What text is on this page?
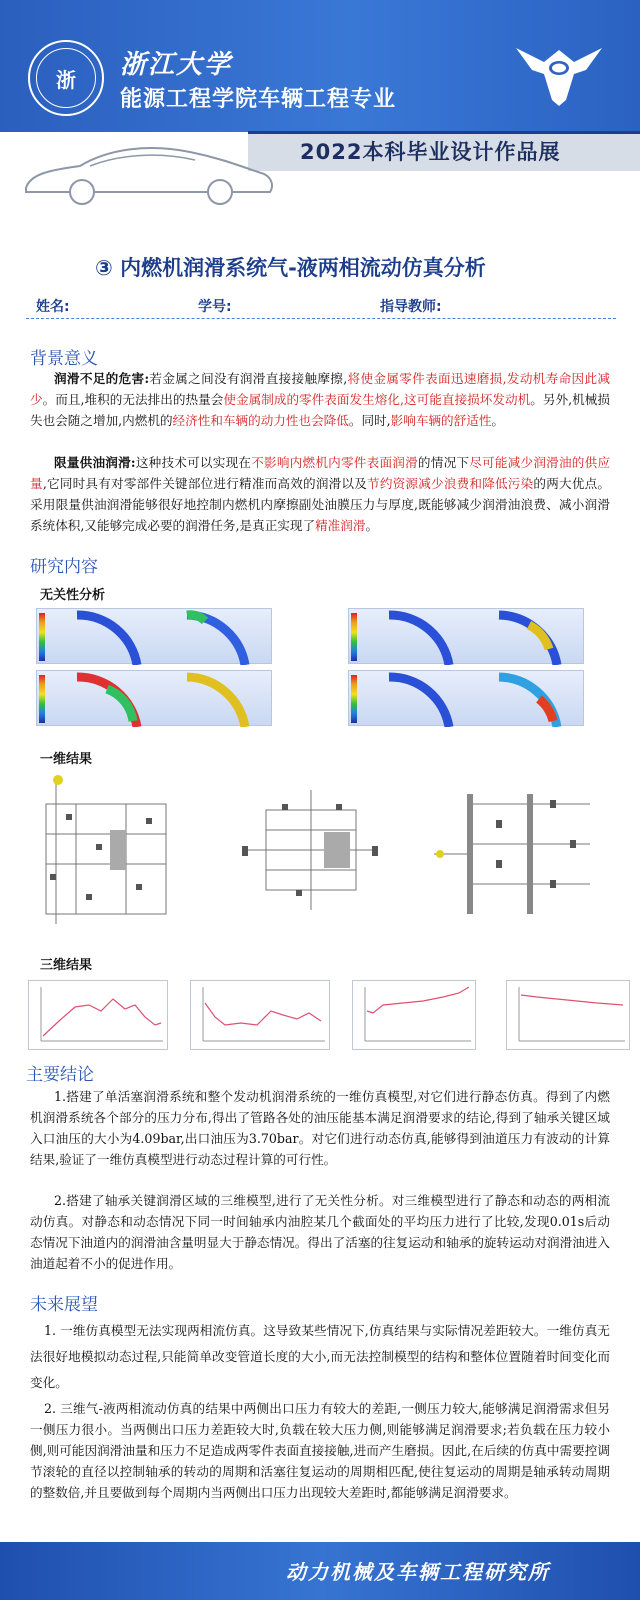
浙	浙江大学
能源工程学院车辆工程专业
2022本科毕业设计作品展
③ 内燃机润滑系统气-液两相流动仿真分析
姓名:	学号:	指导教师:
背景意义
润滑不足的危害:若金属之间没有润滑直接接触摩擦,将使金属零件表面迅速磨损,发动机寿命因此减少。而且,堆积的无法排出的热量会使金属制成的零件表面发生熔化,这可能直接损坏发动机。另外,机械损失也会随之增加,内燃机的经济性和车辆的动力性也会降低。同时,影响车辆的舒适性。
限量供油润滑:这种技术可以实现在不影响内燃机内零件表面润滑的情况下尽可能减少润滑油的供应量,它同时具有对零部件关键部位进行精准而高效的润滑以及节约资源减少浪费和降低污染的两大优点。采用限量供油润滑能够很好地控制内燃机内摩擦副处油膜压力与厚度,既能够减少润滑油浪费、减小润滑系统体积,又能够完成必要的润滑任务,是真正实现了精准润滑。
研究内容
无关性分析
一维结果
三维结果
主要结论
1.搭建了单活塞润滑系统和整个发动机润滑系统的一维仿真模型,对它们进行静态仿真。得到了内燃机润滑系统各个部分的压力分布,得出了管路各处的油压能基本满足润滑要求的结论,得到了轴承关键区域入口油压的大小为4.09bar,出口油压为3.70bar。对它们进行动态仿真,能够得到油道压力有波动的计算结果,验证了一维仿真模型进行动态过程计算的可行性。
2.搭建了轴承关键润滑区域的三维模型,进行了无关性分析。对三维模型进行了静态和动态的两相流动仿真。对静态和动态情况下同一时间轴承内油腔某几个截面处的平均压力进行了比较,发现0.01s后动态情况下油道内的润滑油含量明显大于静态情况。得出了活塞的往复运动和轴承的旋转运动对润滑油进入油道起着不小的促进作用。
未来展望
1. 一维仿真模型无法实现两相流仿真。这导致某些情况下,仿真结果与实际情况差距较大。一维仿真无法很好地模拟动态过程,只能简单改变管道长度的大小,而无法控制模型的结构和整体位置随着时间变化而变化。
2. 三维气-液两相流动仿真的结果中两侧出口压力有较大的差距,一侧压力较大,能够满足润滑需求但另一侧压力很小。当两侧出口压力差距较大时,负载在较大压力侧,则能够满足润滑要求;若负载在压力较小侧,则可能因润滑油量和压力不足造成两零件表面直接接触,进而产生磨损。因此,在后续的仿真中需要控调节滚轮的直径以控制轴承的转动的周期和活塞往复运动的周期相匹配,使往复运动的周期是轴承转动周期的整数倍,并且要做到每个周期内当两侧出口压力出现较大差距时,都能够满足润滑要求。
动力机械及车辆工程研究所
